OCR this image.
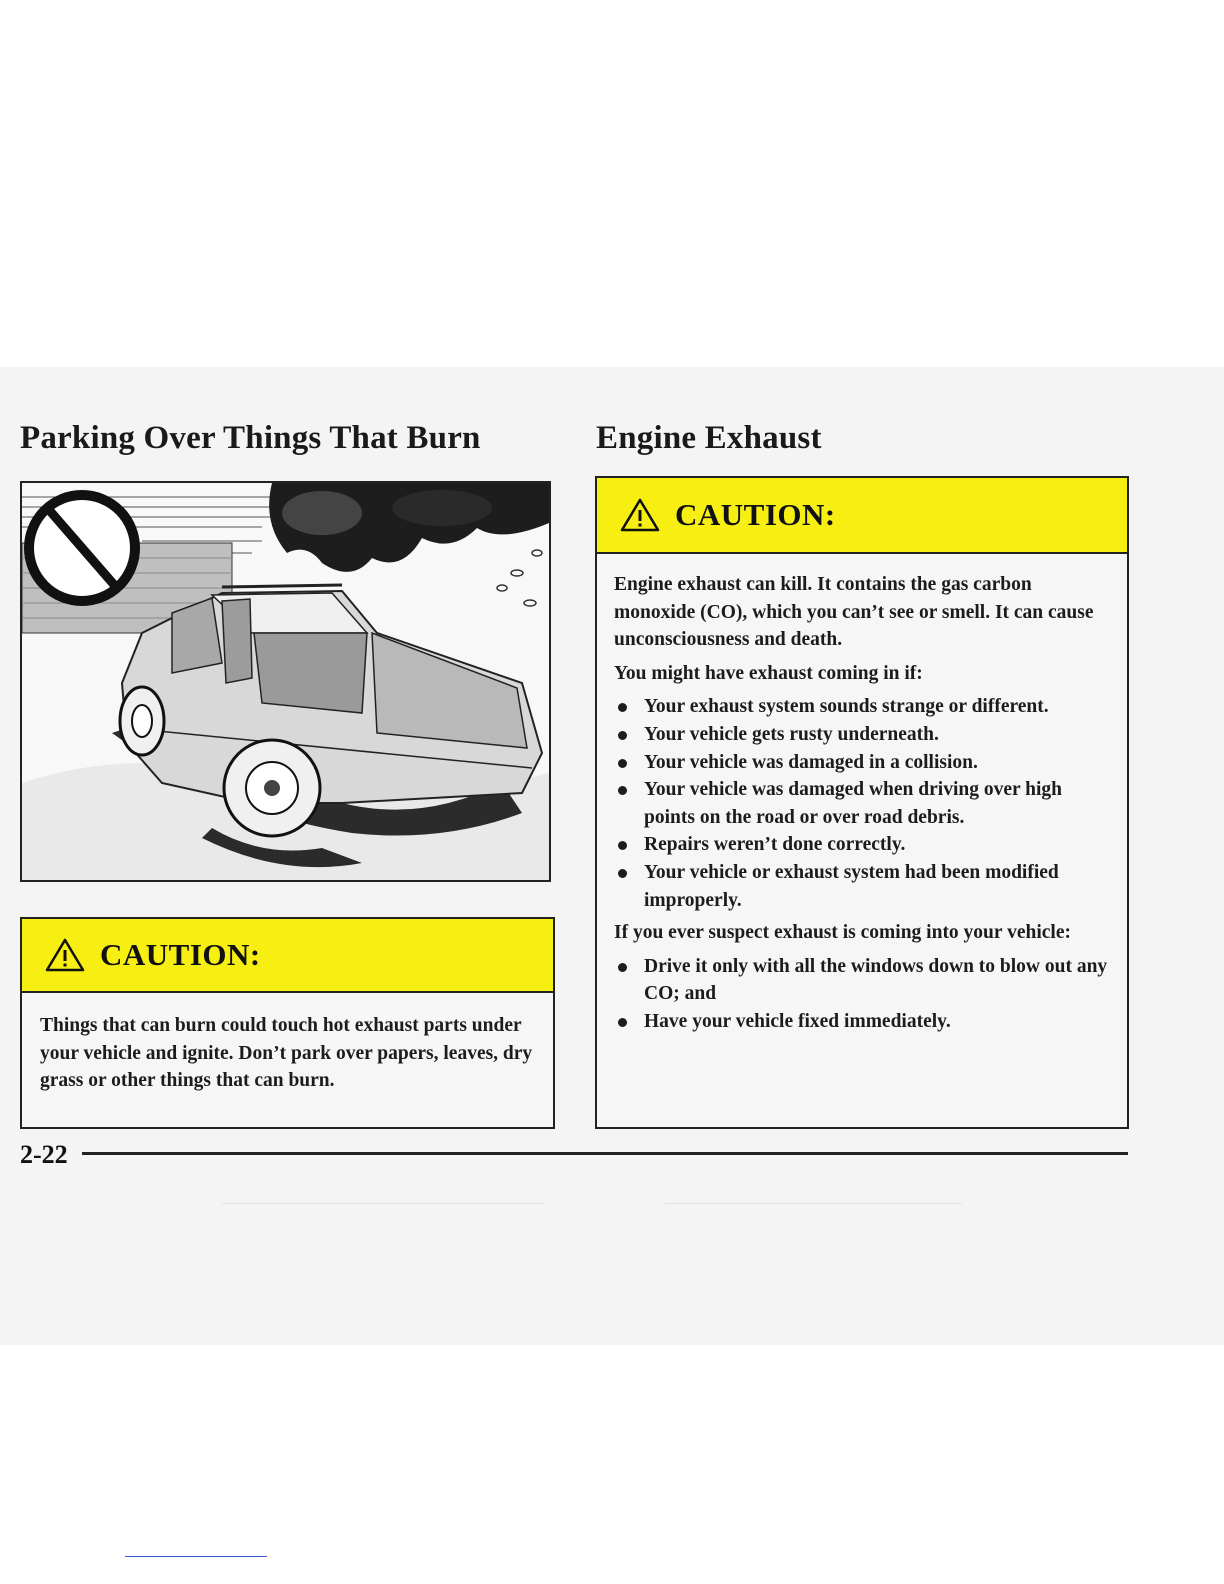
Parking Over Things That Burn	Engine Exhaust
CAUTION:
Things that can burn could touch hot exhaust parts under your vehicle and ignite. Don’t park over papers, leaves, dry grass or other things that can burn.
CAUTION:

Engine exhaust can kill. It contains the gas carbon monoxide (CO), which you can’t see or smell. It can cause unconsciousness and death.

You might have exhaust coming in if:

Your exhaust system sounds strange or different.
Your vehicle gets rusty underneath.
Your vehicle was damaged in a collision.
Your vehicle was damaged when driving over high points on the road or over road debris.
Repairs weren’t done correctly.
Your vehicle or exhaust system had been modified improperly.

If you ever suspect exhaust is coming into your vehicle:

Drive it only with all the windows down to blow out any CO; and
Have your vehicle fixed immediately.
2-22
